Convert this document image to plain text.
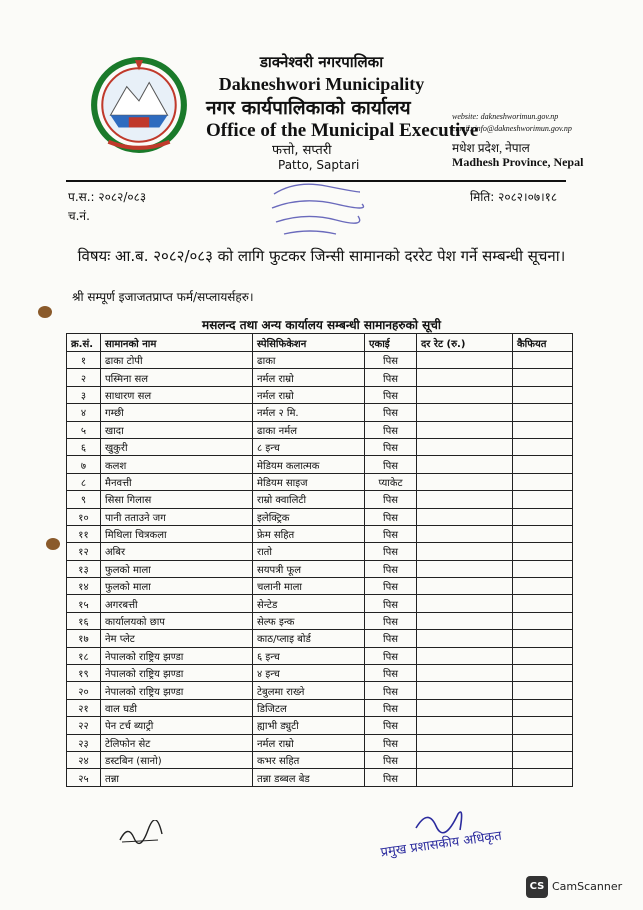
डाक्नेश्वरी नगरपालिका
Dakneshwori Municipality
नगर कार्यपालिकाको कार्यालय
Office of the Municipal Executive
फत्तो, सप्तरी
Patto, Saptari
website: dakneshworimun.gov.np
email: info@dakneshworimun.gov.np
मधेश प्रदेश, नेपाल
Madhesh Province, Nepal
प.स.: २०८२/०८३
च.नं.
मिति: २०८२।०७।१८
विषयः आ.ब. २०८२/०८३ को लागि फुटकर जिन्सी सामानको दररेट पेश गर्ने सम्बन्धी सूचना।
श्री सम्पूर्ण इजाजतप्राप्त फर्म/सप्लायर्सहरु।
मसलन्द तथा अन्य कार्यालय सम्बन्धी सामानहरुको सूची
क्र.सं.	सामानको नाम	स्पेसिफिकेशन	एकाई	दर रेट (रु.)	कैफियत
१	ढाका टोपी	ढाका	पिस		
२	पस्मिना सल	नर्मल राम्रो	पिस		
३	साधारण सल	नर्मल राम्रो	पिस		
४	गम्छी	नर्मल २ मि.	पिस		
५	खादा	ढाका नर्मल	पिस		
६	खुकुरी	८ इन्च	पिस		
७	कलश	मेडियम कलात्मक	पिस		
८	मैनवत्ती	मेडियम साइज	प्याकेट		
९	सिसा गिलास	राम्रो क्वालिटी	पिस		
१०	पानी तताउने जग	इलेक्ट्रिक	पिस		
११	मिथिला चित्रकला	फ्रेम सहित	पिस		
१२	अबिर	रातो	पिस		
१३	फुलको माला	सयपत्री फूल	पिस		
१४	फुलको माला	चलानी माला	पिस		
१५	अगरबत्ती	सेन्टेड	पिस		
१६	कार्यालयको छाप	सेल्फ इन्क	पिस		
१७	नेम प्लेट	काठ/प्लाइ बोर्ड	पिस		
१८	नेपालको राष्ट्रिय झण्डा	६ इन्च	पिस		
१९	नेपालको राष्ट्रिय झण्डा	४ इन्च	पिस		
२०	नेपालको राष्ट्रिय झण्डा	टेबुलमा राख्ने	पिस		
२१	वाल घडी	डिजिटल	पिस		
२२	पेन टर्च ब्याट्री	ह्याभी ड्युटी	पिस		
२३	टेलिफोन सेट	नर्मल राम्रो	पिस		
२४	डस्टबिन (सानो)	कभर सहित	पिस		
२५	तन्ना	तन्ना डब्बल बेड	पिस		
प्रमुख प्रशासकीय अधिकृत
CS CamScanner
